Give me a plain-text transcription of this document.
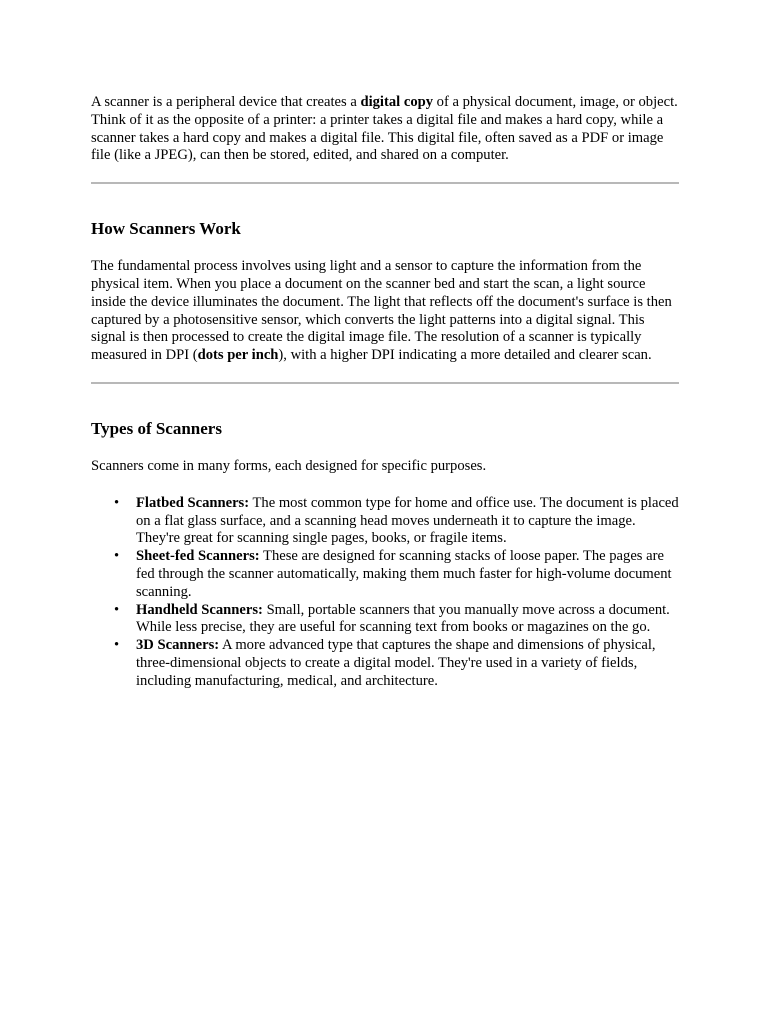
A scanner is a peripheral device that creates a digital copy of a physical document, image, or object. Think of it as the opposite of a printer: a printer takes a digital file and makes a hard copy, while a scanner takes a hard copy and makes a digital file. This digital file, often saved as a PDF or image file (like a JPEG), can then be stored, edited, and shared on a computer.

How Scanners Work

The fundamental process involves using light and a sensor to capture the information from the physical item. When you place a document on the scanner bed and start the scan, a light source inside the device illuminates the document. The light that reflects off the document's surface is then captured by a photosensitive sensor, which converts the light patterns into a digital signal. This signal is then processed to create the digital image file. The resolution of a scanner is typically measured in DPI (dots per inch), with a higher DPI indicating a more detailed and clearer scan.

Types of Scanners

Scanners come in many forms, each designed for specific purposes.

• Flatbed Scanners: The most common type for home and office use. The document is placed on a flat glass surface, and a scanning head moves underneath it to capture the image. They're great for scanning single pages, books, or fragile items.
• Sheet-fed Scanners: These are designed for scanning stacks of loose paper. The pages are fed through the scanner automatically, making them much faster for high-volume document scanning.
• Handheld Scanners: Small, portable scanners that you manually move across a document. While less precise, they are useful for scanning text from books or magazines on the go.
• 3D Scanners: A more advanced type that captures the shape and dimensions of physical, three-dimensional objects to create a digital model. They're used in a variety of fields, including manufacturing, medical, and architecture.
